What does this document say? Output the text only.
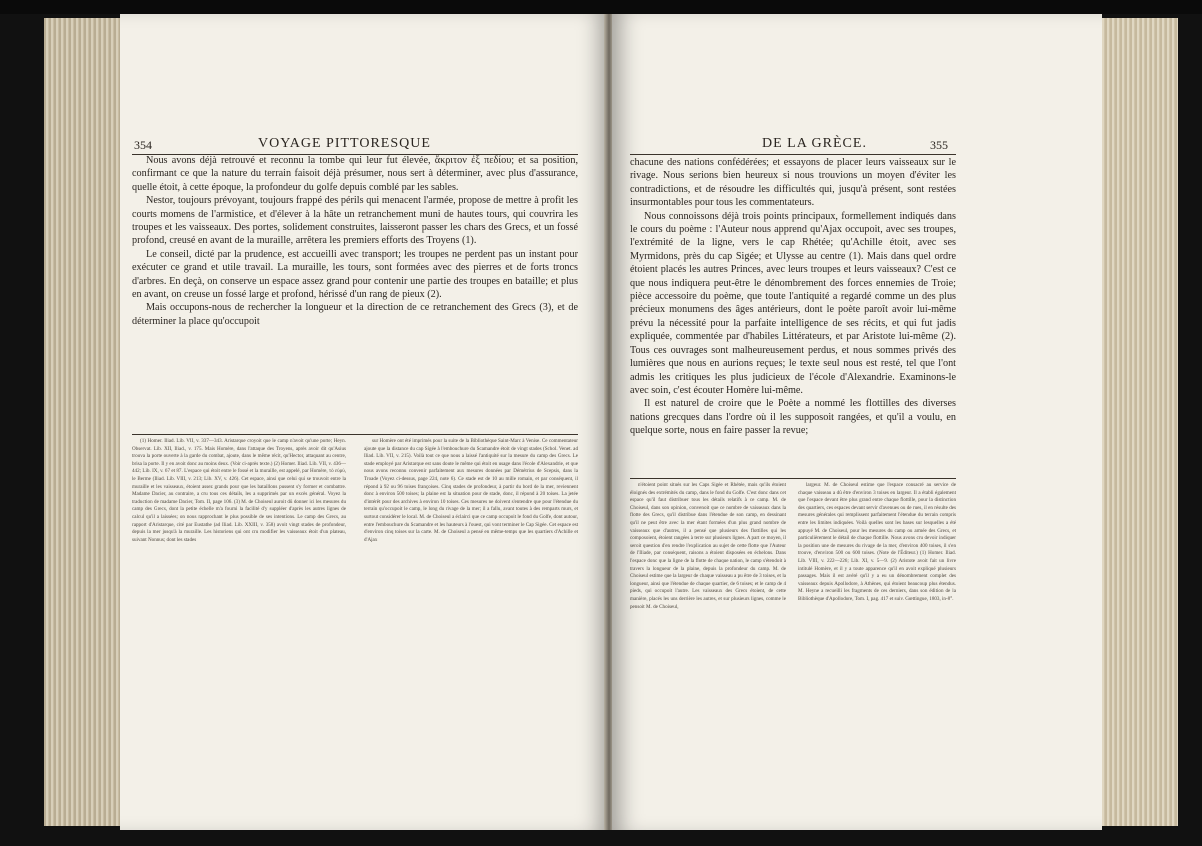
VOYAGE PITTORESQUE
354

Nous avons déjà retrouvé et reconnu la tombe qui leur fut élevée, ἄκριτον ἐξ πεδίου; et sa position, confirmant ce que la nature du terrain faisoit déjà présumer, nous sert à déterminer, avec plus d'assurance, quelle étoit, à cette époque, la profondeur du golfe depuis comblé par les sables.

Nestor, toujours prévoyant, toujours frappé des périls qui menacent l'armée, propose de mettre à profit les courts momens de l'armistice, et d'élever à la hâte un retranchement muni de hautes tours, qui couvrira les troupes et les vaisseaux. Des portes, solidement construites, laisseront passer les chars des Grecs, et un fossé profond, creusé en avant de la muraille, arrêtera les premiers efforts des Troyens (1).

Le conseil, dicté par la prudence, est accueilli avec transport; les troupes ne perdent pas un instant pour exécuter ce grand et utile travail. La muraille, les tours, sont formées avec des pierres et de forts troncs d'arbres. En deçà, on conserve un espace assez grand pour contenir une partie des troupes en bataille; et plus en avant, on creuse un fossé large et profond, hérissé d'un rang de pieux (2).

Mais occupons-nous de rechercher la longueur et la direction de ce retranchement des Grecs (3), et de déterminer la place qu'occupoit

(1) Homer. Iliad. Lib. VII, v. 337—343. Aristarque croyoit que le camp n'avoit qu'une porte; Heyn. Observat. Lib. XII, Iliad., v. 175. Mais Homère, dans l'attaque des Troyens, après avoir dit qu'Asius trouva la porte ouverte à la garde du combat, ajoute, dans le même récit, qu'Hector, attaquant au centre, brisa la porte. Il y en avoit donc au moins deux. (Voir ci-après texte.) (2) Homer. Iliad. Lib. VII, v. 436—442; Lib. IX, v. 67 et 87. L'espace qui étoit entre le fossé et la muraille, est appelé, par Homère, τὸ εὐρὺ, le Berme (Iliad. Lib. VIII, v. 213; Lib. XV, v. 426). Cet espace, ainsi que celui qui se trouvoit entre la muraille et les vaisseaux, étoient assez grands pour que les bataillons pussent s'y former et combattre. Madame Dacier, au contraire, a cru tous ces détails, les a supprimés par un excès général. Voyez la traduction de madame Dacier, Tom. II, page 106. (3) M. de Choiseul auroit dû donner ici les mesures du camp des Grecs, dont la petite échelle m'a fourni la facilité d'y suppléer d'après les autres lignes de calcul qu'il a laissées; on nous rapprochant le plus possible de ses intentions. Le camp des Grecs, au rapport d'Aristarque, cité par Eustathe (ad Iliad. Lib. XXIII, v. 358) avoit vingt stades de profondeur, depuis la mer jusqu'à la muraille. Les historiens qui ont cru modifier les vaisseaux étoit d'un plateau, suivant Nonnus; dont les stades

sur Homère ont été imprimés pour la suite de la Bibliothèque Saint-Marc à Venise. Ce commentateur ajoute que la distance du cap Sigée à l'embouchure du Scamandre étoit de vingt stades (Schol. Venet. ad Iliad. Lib. VII, v. 215). Voilà tout ce que nous a laissé l'antiquité sur la mesure du camp des Grecs. Le stade employé par Aristarque est sans doute le même qui étoit en usage dans l'école d'Alexandrie, et que nous avons reconnu convenir parfaitement aux mesures données par Démétrius de Scepsis, dans la Troade (Voyez ci-dessus, page 224, note 6). Ce stade est de 10 au mille romain, et par conséquent, il répond à 92 ou 96 toises françoises. Cinq stades de profondeur, à partir du bord de la mer, reviennent donc à environ 500 toises; la plaine est la situation pour de stade, donc, il répond à 20 toises. La jetée d'intérêt pour des archives à environ 10 toises. Ces mesures ne doivent s'entendre que pour l'étendue du terrain qu'occupoit le camp, le long du rivage de la mer; il a fallu, avant toutes à des remparts murs, et surtout considérer le local. M. de Choiseul a éclairci que ce camp occupoit le fond du Golfe, dont autour, entre l'embouchure du Scamandre et les hauteurs à l'ouest, qui vont terminer le Cap Sigée. Cet espace est d'environ cinq toises sur la carte. M. de Choiseul a pensé en même-temps que les quartiers d'Achille et d'Ajax

DE LA GRÈCE.	355

chacune des nations confédérées; et essayons de placer leurs vaisseaux sur le rivage. Nous serions bien heureux si nous trouvions un moyen d'éviter les contradictions, et de résoudre les difficultés qui, jusqu'à présent, sont restées insurmontables pour tous les commentateurs.

Nous connoissons déjà trois points principaux, formellement indiqués dans le cours du poème : l'Auteur nous apprend qu'Ajax occupoit, avec ses troupes, l'extrémité de la ligne, vers le cap Rhétée; qu'Achille étoit, avec ses Myrmidons, près du cap Sigée; et Ulysse au centre (1). Mais dans quel ordre étoient placés les autres Princes, avec leurs troupes et leurs vaisseaux? C'est ce que nous indiquera peut-être le dénombrement des forces ennemies de Troie; pièce accessoire du poème, que toute l'antiquité a regardé comme un des plus précieux monumens des âges antérieurs, dont le poète paroît avoir lui-même prévu la nécessité pour la parfaite intelligence de ses récits, et qui fut jadis expliquée, commentée par d'habiles Littérateurs, et par Aristote lui-même (2). Tous ces ouvrages sont malheureusement perdus, et nous sommes privés des lumières que nous en aurions reçues; le texte seul nous est resté, tel que l'ont admis les critiques les plus judicieux de l'école d'Alexandrie. Examinons-le avec soin, c'est écouter Homère lui-même.

Il est naturel de croire que le Poète a nommé les flottilles des diverses nations grecques dans l'ordre où il les supposoit rangées, et qu'il a voulu, en quelque sorte, nous en faire passer la revue;

n'étoient point situés sur les Caps Sigée et Rhétée, mais qu'ils étoient éloignés des extrémités du camp, dans le fond du Golfe. C'est donc dans cet espace qu'il faut distribuer tous les détails relatifs à ce camp. M. de Choiseul, dans son opinion, convenoit que ce nombre de vaisseaux dans la flotte des Grecs, qu'il distribue dans l'étendue de son camp, en dessinant qu'il ne peut être avec la mer étant formées d'un plus grand nombre de vaisseaux que d'autres, il a pensé que plusieurs des flottilles qui les composoient, étoient rangées à terre sur plusieurs lignes. A part ce moyen, il seroit question d'en rendre l'explication au sujet de cette flotte que l'Auteur de l'Iliade, par conséquent, raisons a étoient disposées en échelons. Dans l'espace donc que la ligne de la flotte de chaque nation, le camp s'étendoit à travers la longueur de la plaine, depuis la profondeur du camp. M. de Choiseul estime que la largeur de chaque vaisseau a pu être de 3 toises, et la longueur, ainsi que l'étendue de chaque quartier, de 6 toises; et le camp de 4 pieds, qui occupoit l'autre. Les vaisseaux des Grecs étoient, de cette manière, placés les uns derrière les autres, et sur plusieurs lignes, comme le pensoit M. de Choiseul,

largeur. M. de Choiseul estime que l'espace consacré au service de chaque vaisseau a dû être d'environ 3 toises en largeur. Il a établi également que l'espace devant être plus grand entre chaque flottille, pour la distinction des quartiers, ces espaces devant servir d'avenues ou de rues, il en résulte des mesures générales qui remplissent parfaitement l'étendue du terrain compris entre les limites indiquées. Voilà quelles sont les bases sur lesquelles a été appuyé M. de Choiseul, pour les mesures du camp ou armée des Grecs, et particulièrement le détail de chaque flottille. Nous avons cru devoir indiquer la position une de mesures du rivage de la mer, d'environ 400 toises, il s'en trouve, d'environ 500 ou 600 toises. (Note de l'Éditeur.) (1) Homer. Iliad. Lib. VIII, v. 222—226; Lib. XI, v. 5—9. (2) Aristote avoit fait un livre intitulé Homère, et il y a toute apparence qu'il en avoit expliqué plusieurs passages. Mais il est avéré qu'il y a eu un dénombrement complet des vaisseaux depuis Apollodore, à Athènes, qui étoient beaucoup plus étendus. M. Heyne a recueilli les fragments de ces derniers, dans son édition de la Bibliothèque d'Apollodore, Tom. I, pag. 417 et suiv. Gœttingue, 1803, in-8°.
